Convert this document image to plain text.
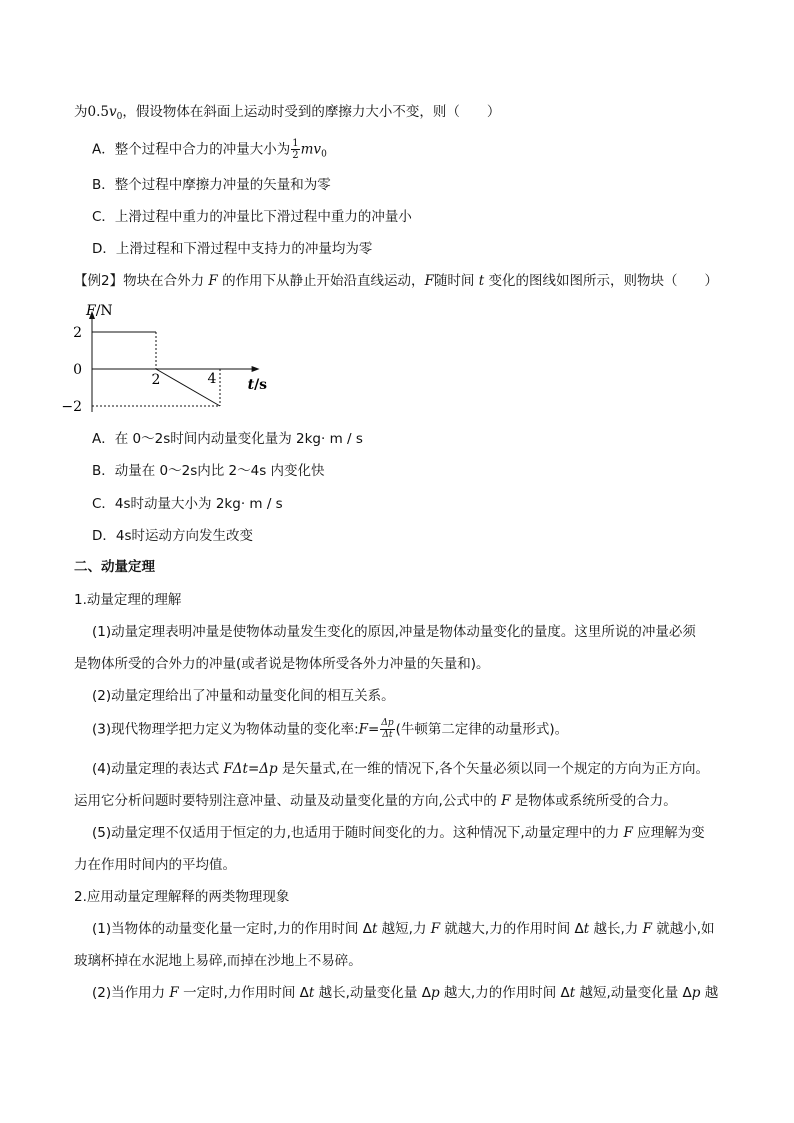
为$0.5v_0$，假设物体在斜面上运动时受到的摩擦力大小不变，则（　　）
A．整个过程中合力的冲量大小为 $\frac{1}{2} mv_0$
B．整个过程中摩擦力冲量的矢量和为零
C．上滑过程中重力的冲量比下滑过程中重力的冲量小
D．上滑过程和下滑过程中支持力的冲量均为零
【例2】物块在合外力 F 的作用下从静止开始沿直线运动，F随时间 t 变化的图线如图所示，则物块（　　）
2
0
−2
2	4
F/N
t/s
A．在 0～2s时间内动量变化量为 2kg· m / s
B．动量在 0～2s内比 2～4s 内变化快
C．4s时动量大小为 2kg· m / s
D．4s时运动方向发生改变
二、动量定理
1.动量定理的理解
(1)动量定理表明冲量是使物体动量发生变化的原因,冲量是物体动量变化的量度。这里所说的冲量必须
是物体所受的合外力的冲量(或者说是物体所受各外力冲量的矢量和)。
(2)动量定理给出了冲量和动量变化间的相互关系。
(3)现代物理学把力定义为物体动量的变化率:F= $\frac{\Delta p}{\Delta t}$ (牛顿第二定律的动量形式)。
(4)动量定理的表达式 FΔt=Δp 是矢量式,在一维的情况下,各个矢量必须以同一个规定的方向为正方向。
运用它分析问题时要特别注意冲量、动量及动量变化量的方向,公式中的 F 是物体或系统所受的合力。
(5)动量定理不仅适用于恒定的力,也适用于随时间变化的力。这种情况下,动量定理中的力 F 应理解为变
力在作用时间内的平均值。
2.应用动量定理解释的两类物理现象
(1)当物体的动量变化量一定时,力的作用时间 Δt 越短,力 F 就越大,力的作用时间 Δt 越长,力 F 就越小,如
玻璃杯掉在水泥地上易碎,而掉在沙地上不易碎。
(2)当作用力 F 一定时,力作用时间 Δt 越长,动量变化量 Δp 越大,力的作用时间 Δt 越短,动量变化量 Δp 越
